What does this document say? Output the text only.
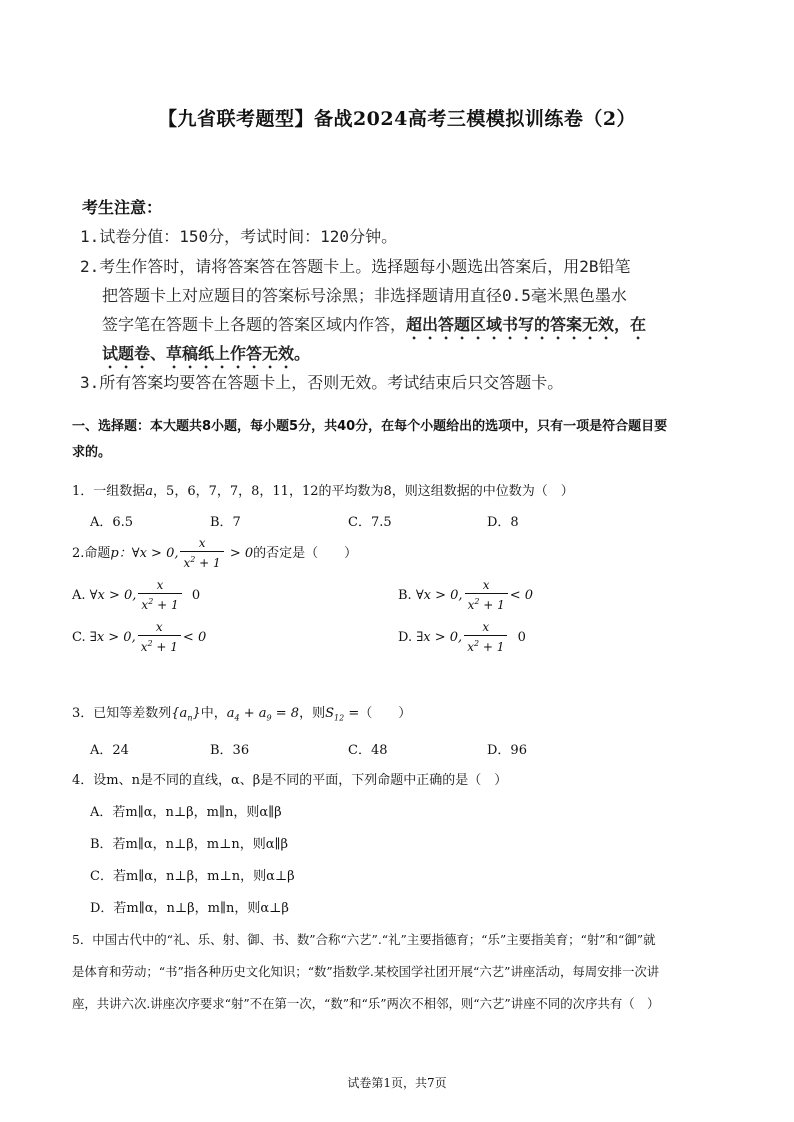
【九省联考题型】备战2024高考三模模拟训练卷（2）
考生注意：
1.试卷分值：150分，考试时间：120分钟。
2.考生作答时，请将答案答在答题卡上。选择题每小题选出答案后，用2B铅笔
把答题卡上对应题目的答案标号涂黑；非选择题请用直径0.5毫米黑色墨水
签字笔在答题卡上各题的答案区域内作答，超出答题区域书写的答案无效，在
试题卷、草稿纸上作答无效。
3.所有答案均要答在答题卡上，否则无效。考试结束后只交答题卡。
一、选择题：本大题共8小题，每小题5分，共40分，在每个小题给出的选项中，只有一项是符合题目要
求的。
1．一组数据a，5，6，7，7，8，11，12的平均数为8，则这组数据的中位数为（　）
A．6.5	B．7	C．7.5	D．8
2.命题p：∀x > 0, $\frac{x}{x^2 + 1} > 0$的否定是（　　）
A. ∀x > 0, $\frac{x}{x^2 + 1} 0$	B. ∀x > 0, $\frac{x}{x^2 + 1} < 0$
C. ∃x > 0, $\frac{x}{x^2 + 1} < 0$	D. ∃x > 0, $\frac{x}{x^2 + 1} 0$
3．已知等差数列$\{a_n\}$中，$a_4 + a_9 = 8$，则$S_{12}$ =（　　）
A．24	B．36	C．48	D．96
4．设m、n是不同的直线，α、β是不同的平面，下列命题中正确的是（　）
A．若m∥α，n⊥β，m∥n，则α∥β
B．若m∥α，n⊥β，m⊥n，则α∥β
C．若m∥α，n⊥β，m⊥n，则α⊥β
D．若m∥α，n⊥β，m∥n，则α⊥β
5．中国古代中的“礼、乐、射、御、书、数”合称“六艺”.“礼”主要指德育；“乐”主要指美育；“射”和“御”就
是体育和劳动；“书”指各种历史文化知识；“数”指数学.某校国学社团开展“六艺”讲座活动，每周安排一次讲
座，共讲六次.讲座次序要求“射”不在第一次，“数”和“乐”两次不相邻，则“六艺”讲座不同的次序共有（　）
试卷第1页，共7页
